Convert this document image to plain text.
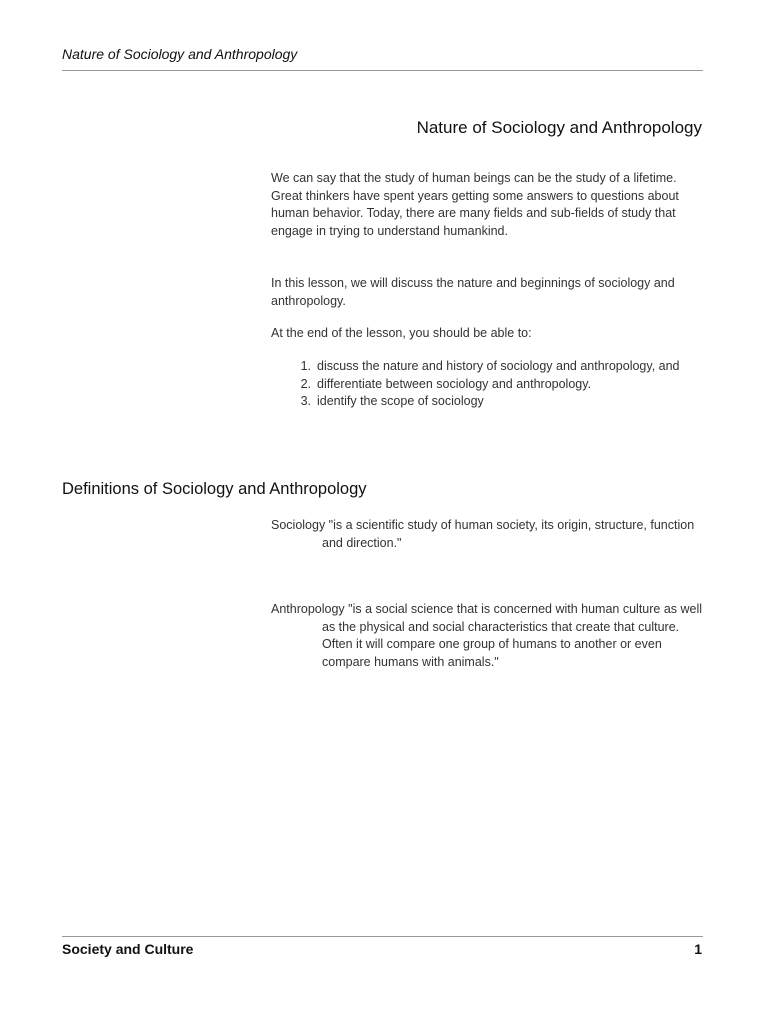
Nature of Sociology and Anthropology
Nature of Sociology and Anthropology

We can say that the study of human beings can be the study of a lifetime. Great thinkers have spent years getting some answers to questions about human behavior. Today, there are many fields and sub-fields of study that engage in trying to understand humankind.

In this lesson, we will discuss the nature and beginnings of sociology and anthropology.

At the end of the lesson, you should be able to:

1. discuss the nature and history of sociology and anthropology, and
2. differentiate between sociology and anthropology.
3. identify the scope of sociology
Definitions of Sociology and Anthropology

Sociology "is a scientific study of human society, its origin, structure, function and direction."

Anthropology "is a social science that is concerned with human culture as well as the physical and social characteristics that create that culture. Often it will compare one group of humans to another or even compare humans with animals."

Society and Culture	1
